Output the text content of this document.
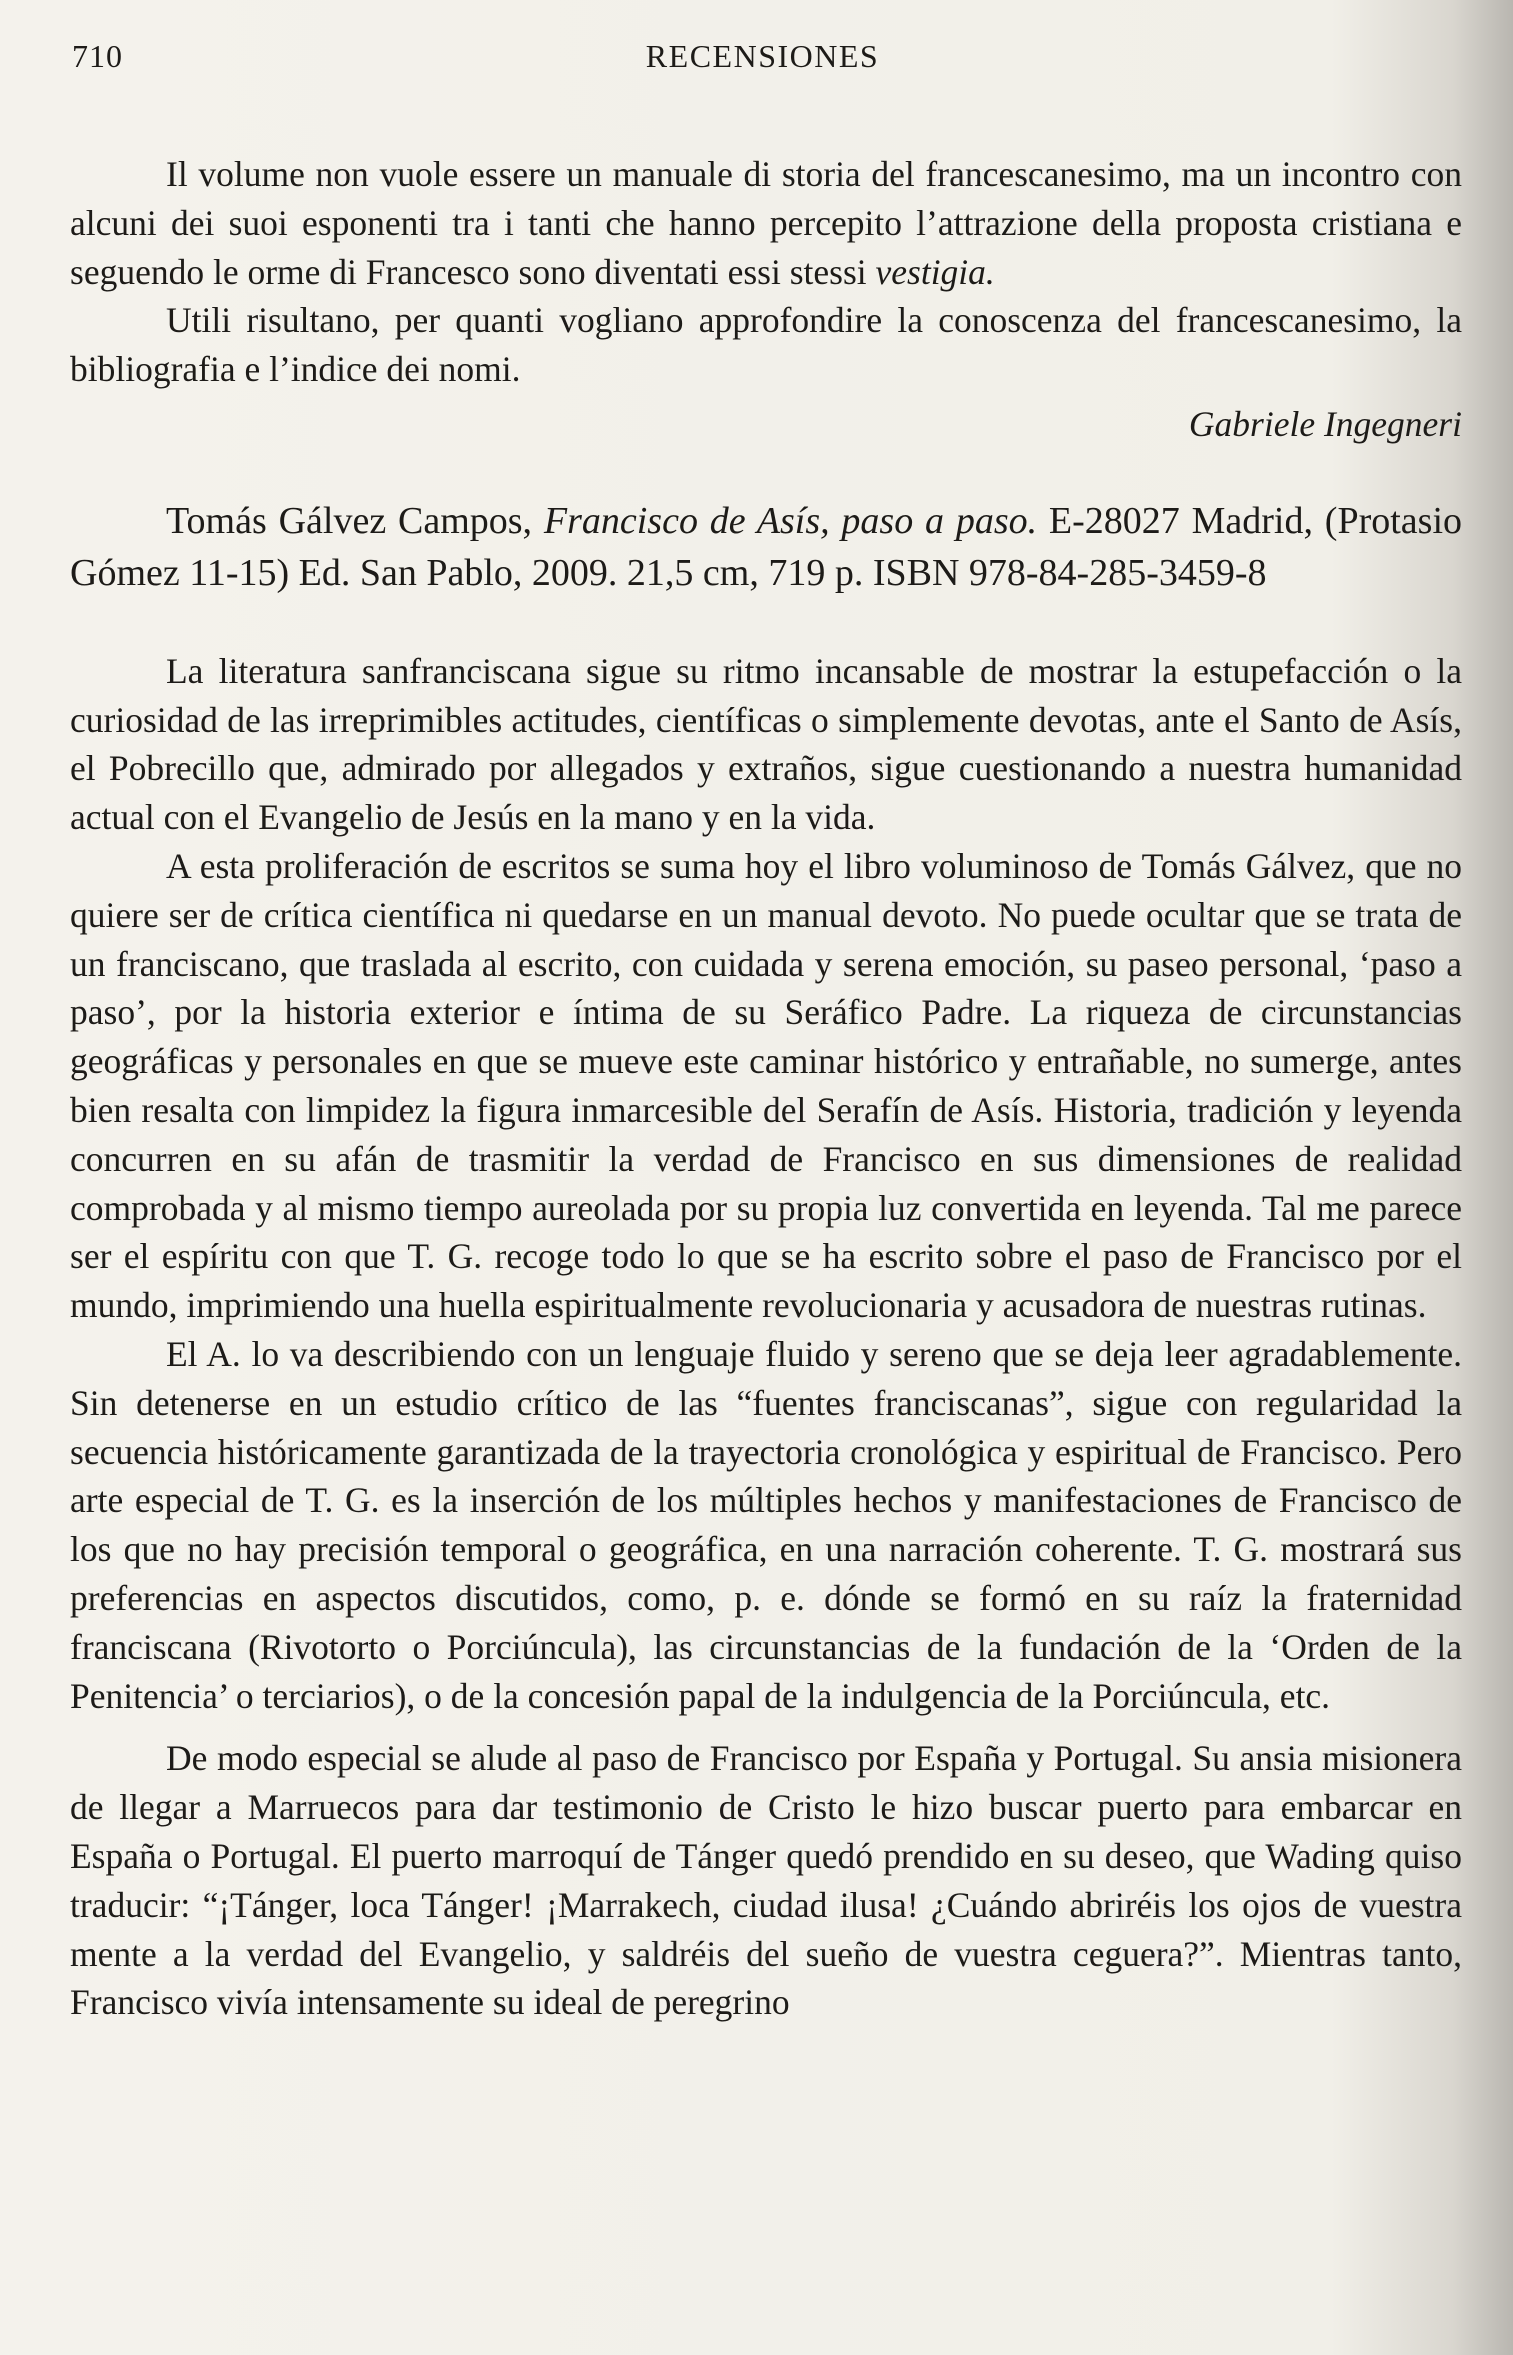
710	RECENSIONES

Il volume non vuole essere un manuale di storia del francescanesimo, ma un incontro con alcuni dei suoi esponenti tra i tanti che hanno percepito l’attrazione della proposta cristiana e seguendo le orme di Francesco sono diventati essi stessi vestigia.

Utili risultano, per quanti vogliano approfondire la conoscenza del francescanesimo, la bibliografia e l’indice dei nomi.

Gabriele Ingegneri

Tomás Gálvez Campos, Francisco de Asís, paso a paso. E-28027 Madrid, (Protasio Gómez 11-15) Ed. San Pablo, 2009. 21,5 cm, 719 p. ISBN 978-84-285-3459-8

La literatura sanfranciscana sigue su ritmo incansable de mostrar la estupefacción o la curiosidad de las irreprimibles actitudes, científicas o simplemente devotas, ante el Santo de Asís, el Pobrecillo que, admirado por allegados y extraños, sigue cuestionando a nuestra humanidad actual con el Evangelio de Jesús en la mano y en la vida.

A esta proliferación de escritos se suma hoy el libro voluminoso de Tomás Gálvez, que no quiere ser de crítica científica ni quedarse en un manual devoto. No puede ocultar que se trata de un franciscano, que traslada al escrito, con cuidada y serena emoción, su paseo personal, ‘paso a paso’, por la historia exterior e íntima de su Seráfico Padre. La riqueza de circunstancias geográficas y personales en que se mueve este caminar histórico y entrañable, no sumerge, antes bien resalta con limpidez la figura inmarcesible del Serafín de Asís. Historia, tradición y leyenda concurren en su afán de trasmitir la verdad de Francisco en sus dimensiones de realidad comprobada y al mismo tiempo aureolada por su propia luz convertida en leyenda. Tal me parece ser el espíritu con que T. G. recoge todo lo que se ha escrito sobre el paso de Francisco por el mundo, imprimiendo una huella espiritualmente revolucionaria y acusadora de nuestras rutinas.

El A. lo va describiendo con un lenguaje fluido y sereno que se deja leer agradablemente. Sin detenerse en un estudio crítico de las “fuentes franciscanas”, sigue con regularidad la secuencia históricamente garantizada de la trayectoria cronológica y espiritual de Francisco. Pero arte especial de T. G. es la inserción de los múltiples hechos y manifestaciones de Francisco de los que no hay precisión temporal o geográfica, en una narración coherente. T. G. mostrará sus preferencias en aspectos discutidos, como, p. e. dónde se formó en su raíz la fraternidad franciscana (Rivotorto o Porciúncula), las circunstancias de la fundación de la ‘Orden de la Penitencia’ o terciarios), o de la concesión papal de la indulgencia de la Porciúncula, etc.

De modo especial se alude al paso de Francisco por España y Portugal. Su ansia misionera de llegar a Marruecos para dar testimonio de Cristo le hizo buscar puerto para embarcar en España o Portugal. El puerto marroquí de Tánger quedó prendido en su deseo, que Wading quiso traducir: “¡Tánger, loca Tánger! ¡Marrakech, ciudad ilusa! ¿Cuándo abriréis los ojos de vuestra mente a la verdad del Evangelio, y saldréis del sueño de vuestra ceguera?”. Mientras tanto, Francisco vivía intensamente su ideal de peregrino
